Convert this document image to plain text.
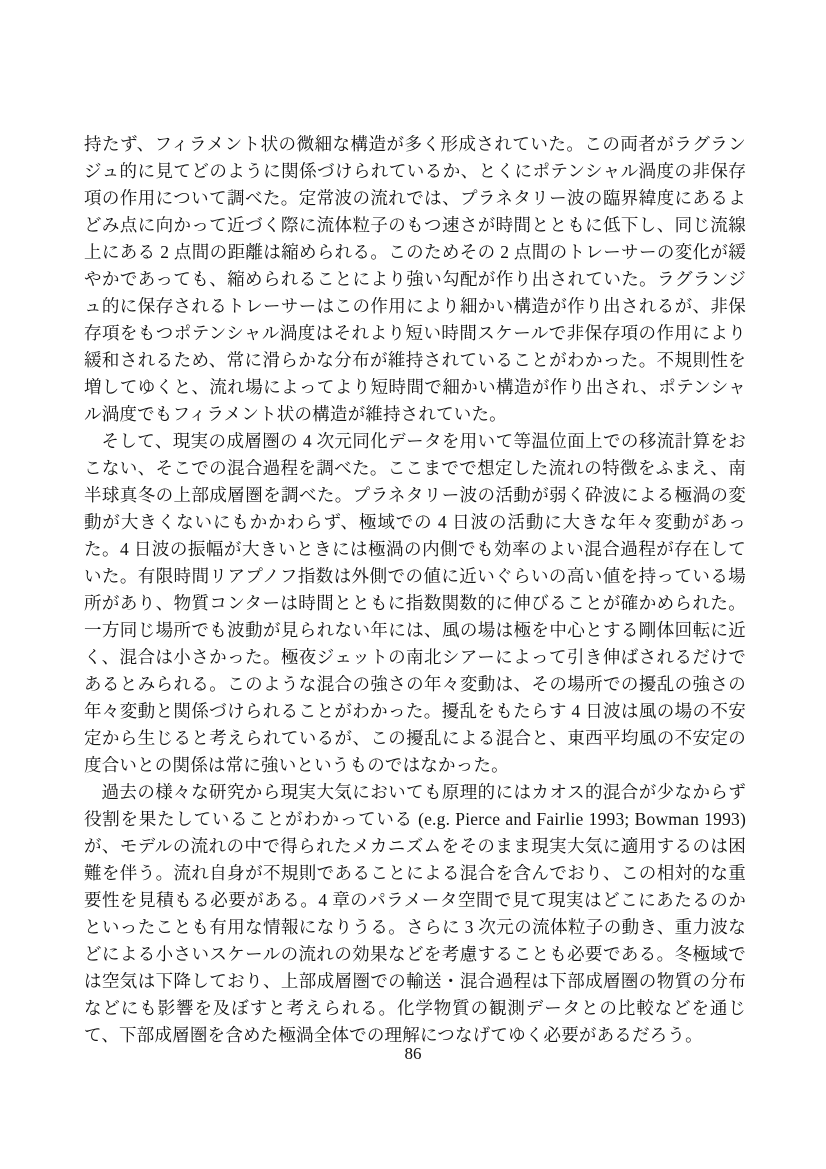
持たず、フィラメント状の微細な構造が多く形成されていた。この両者がラグランジュ的に見てどのように関係づけられているか、とくにポテンシャル渦度の非保存項の作用について調べた。定常波の流れでは、プラネタリー波の臨界緯度にあるよどみ点に向かって近づく際に流体粒子のもつ速さが時間とともに低下し、同じ流線上にある 2 点間の距離は縮められる。このためその 2 点間のトレーサーの変化が緩やかであっても、縮められることにより強い勾配が作り出されていた。ラグランジュ的に保存されるトレーサーはこの作用により細かい構造が作り出されるが、非保存項をもつポテンシャル渦度はそれより短い時間スケールで非保存項の作用により緩和されるため、常に滑らかな分布が維持されていることがわかった。不規則性を増してゆくと、流れ場によってより短時間で細かい構造が作り出され、ポテンシャル渦度でもフィラメント状の構造が維持されていた。

そして、現実の成層圏の 4 次元同化データを用いて等温位面上での移流計算をおこない、そこでの混合過程を調べた。ここまでで想定した流れの特徴をふまえ、南半球真冬の上部成層圏を調べた。プラネタリー波の活動が弱く砕波による極渦の変動が大きくないにもかかわらず、極域での 4 日波の活動に大きな年々変動があった。4 日波の振幅が大きいときには極渦の内側でも効率のよい混合過程が存在していた。有限時間リアプノフ指数は外側での値に近いぐらいの高い値を持っている場所があり、物質コンターは時間とともに指数関数的に伸びることが確かめられた。一方同じ場所でも波動が見られない年には、風の場は極を中心とする剛体回転に近く、混合は小さかった。極夜ジェットの南北シアーによって引き伸ばされるだけであるとみられる。このような混合の強さの年々変動は、その場所での擾乱の強さの年々変動と関係づけられることがわかった。擾乱をもたらす 4 日波は風の場の不安定から生じると考えられているが、この擾乱による混合と、東西平均風の不安定の度合いとの関係は常に強いというものではなかった。

過去の様々な研究から現実大気においても原理的にはカオス的混合が少なからず役割を果たしていることがわかっている (e.g. Pierce and Fairlie 1993; Bowman 1993) が、モデルの流れの中で得られたメカニズムをそのまま現実大気に適用するのは困難を伴う。流れ自身が不規則であることによる混合を含んでおり、この相対的な重要性を見積もる必要がある。4 章のパラメータ空間で見て現実はどこにあたるのかといったことも有用な情報になりうる。さらに 3 次元の流体粒子の動き、重力波などによる小さいスケールの流れの効果などを考慮することも必要である。冬極域では空気は下降しており、上部成層圏での輸送・混合過程は下部成層圏の物質の分布などにも影響を及ぼすと考えられる。化学物質の観測データとの比較などを通じて、下部成層圏を含めた極渦全体での理解につなげてゆく必要があるだろう。

86
